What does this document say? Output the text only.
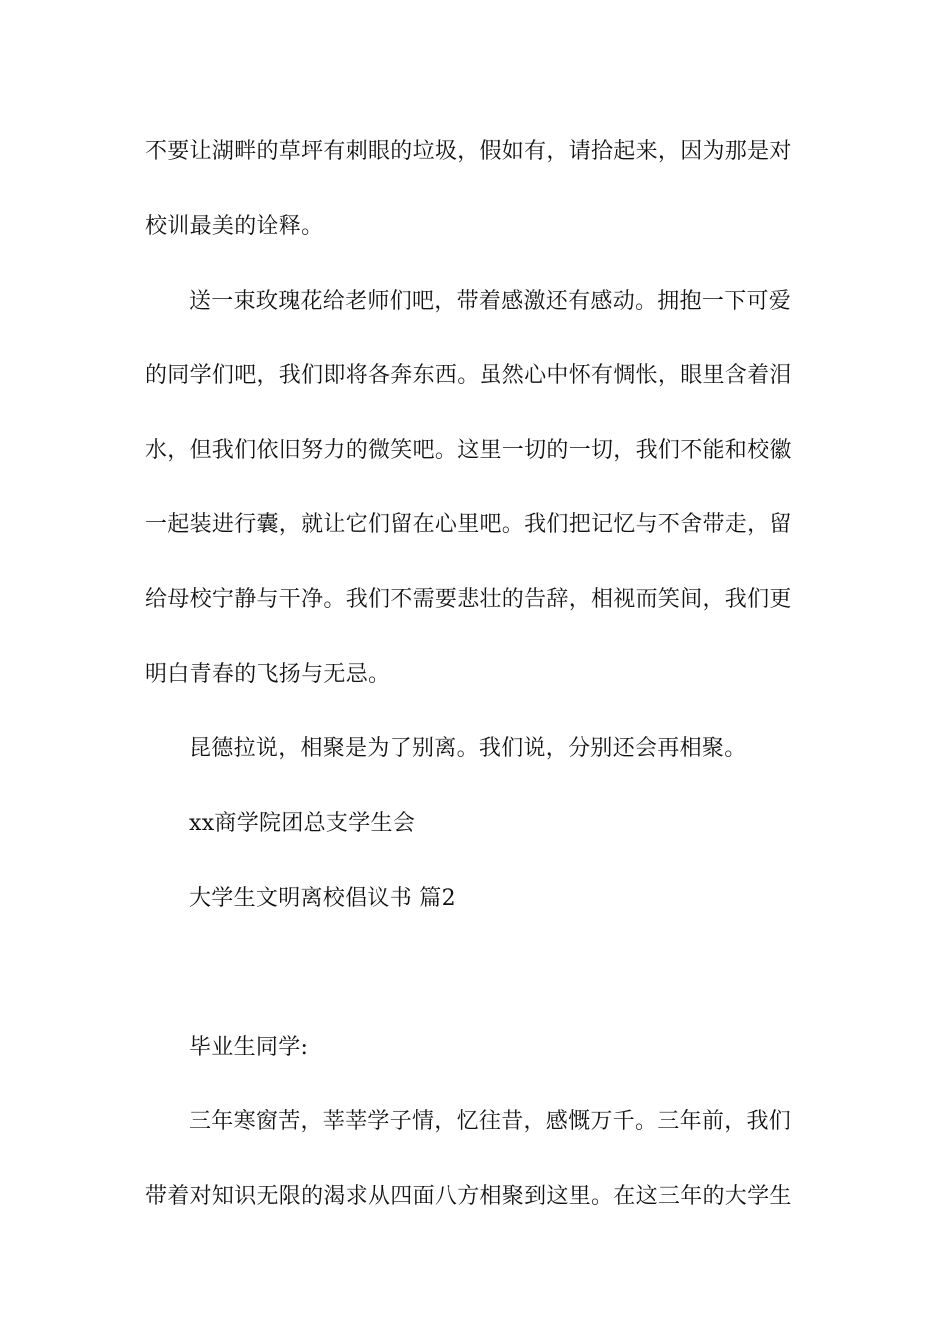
不要让湖畔的草坪有刺眼的垃圾，假如有，请拾起来，因为那是对
校训最美的诠释。
送一束玫瑰花给老师们吧，带着感激还有感动。拥抱一下可爱
的同学们吧，我们即将各奔东西。虽然心中怀有惆怅，眼里含着泪
水，但我们依旧努力的微笑吧。这里一切的一切，我们不能和校徽
一起装进行囊，就让它们留在心里吧。我们把记忆与不舍带走，留
给母校宁静与干净。我们不需要悲壮的告辞，相视而笑间，我们更
明白青春的飞扬与无忌。
昆德拉说，相聚是为了别离。我们说，分别还会再相聚。
xx商学院团总支学生会
大学生文明离校倡议书 篇2
毕业生同学:
三年寒窗苦，莘莘学子情，忆往昔，感慨万千。三年前，我们
带着对知识无限的渴求从四面八方相聚到这里。在这三年的大学生
